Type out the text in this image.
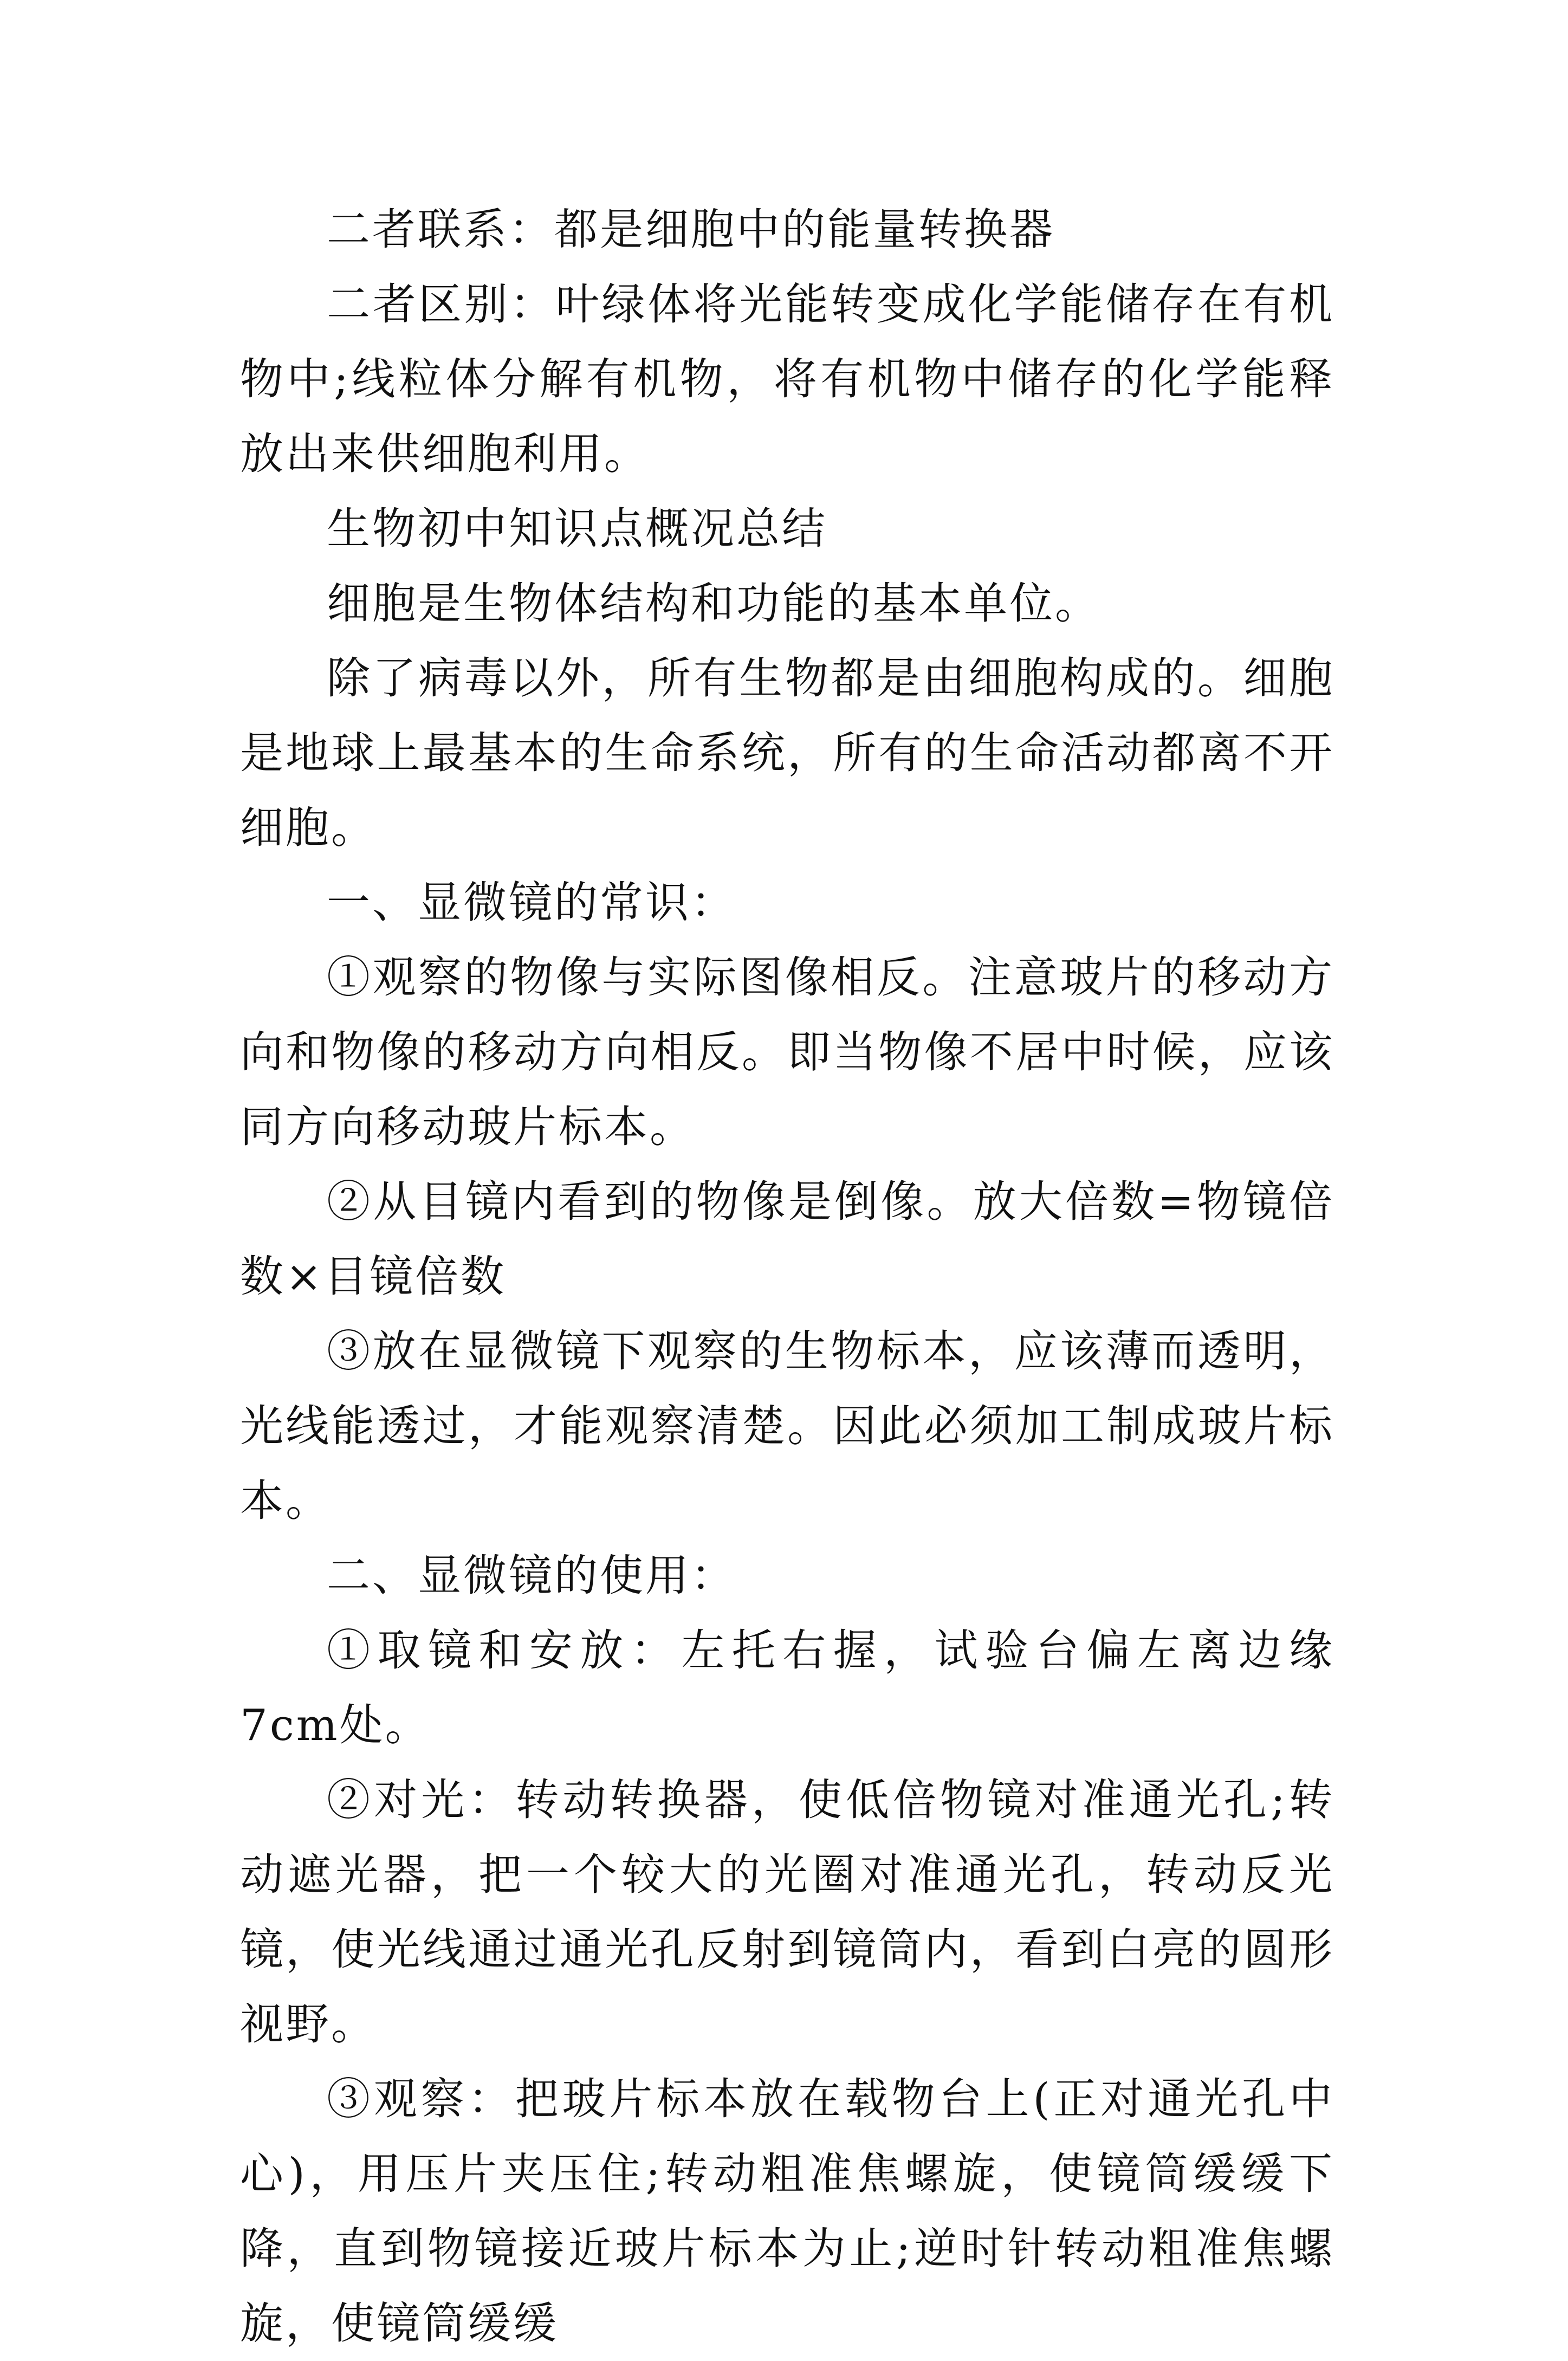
二者联系：都是细胞中的能量转换器

二者区别：叶绿体将光能转变成化学能储存在有机物中;线粒体分解有机物，将有机物中储存的化学能释放出来供细胞利用。

生物初中知识点概况总结

细胞是生物体结构和功能的基本单位。

除了病毒以外，所有生物都是由细胞构成的。细胞是地球上最基本的生命系统，所有的生命活动都离不开细胞。

一、显微镜的常识：

①观察的物像与实际图像相反。注意玻片的移动方向和物像的移动方向相反。即当物像不居中时候，应该同方向移动玻片标本。

②从目镜内看到的物像是倒像。放大倍数=物镜倍数×目镜倍数

③放在显微镜下观察的生物标本，应该薄而透明，光线能透过，才能观察清楚。因此必须加工制成玻片标本。

二、显微镜的使用：

①取镜和安放：左托右握，试验台偏左离边缘7cm处。

②对光：转动转换器，使低倍物镜对准通光孔;转动遮光器，把一个较大的光圈对准通光孔，转动反光镜，使光线通过通光孔反射到镜筒内，看到白亮的圆形视野。

③观察：把玻片标本放在载物台上(正对通光孔中心)，用压片夹压住;转动粗准焦螺旋，使镜筒缓缓下降，直到物镜接近玻片标本为止;逆时针转动粗准焦螺旋，使镜筒缓缓
